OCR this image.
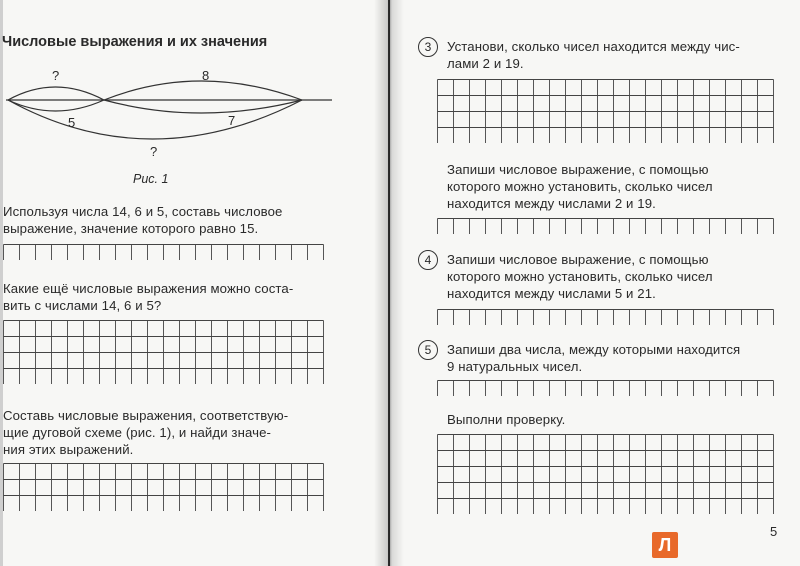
Числовые выражения и их значения
?	8
5	7
?
Рис. 1
Используя числа 14, 6 и 5, составь числовое
выражение, значение которого равно 15.
Какие ещё числовые выражения можно соста-
вить с числами 14, 6 и 5?
Составь числовые выражения, соответствую-
щие дуговой схеме (рис. 1), и найди значе-
ния этих выражений.
3	Установи, сколько чисел находится между чис-
лами 2 и 19.
Запиши числовое выражение, с помощью
которого можно установить, сколько чисел
находится между числами 2 и 19.
4	Запиши числовое выражение, с помощью
которого можно установить, сколько чисел
находится между числами 5 и 21.
5	Запиши два числа, между которыми находится
9 натуральных чисел.
Выполни проверку.
5
Л
